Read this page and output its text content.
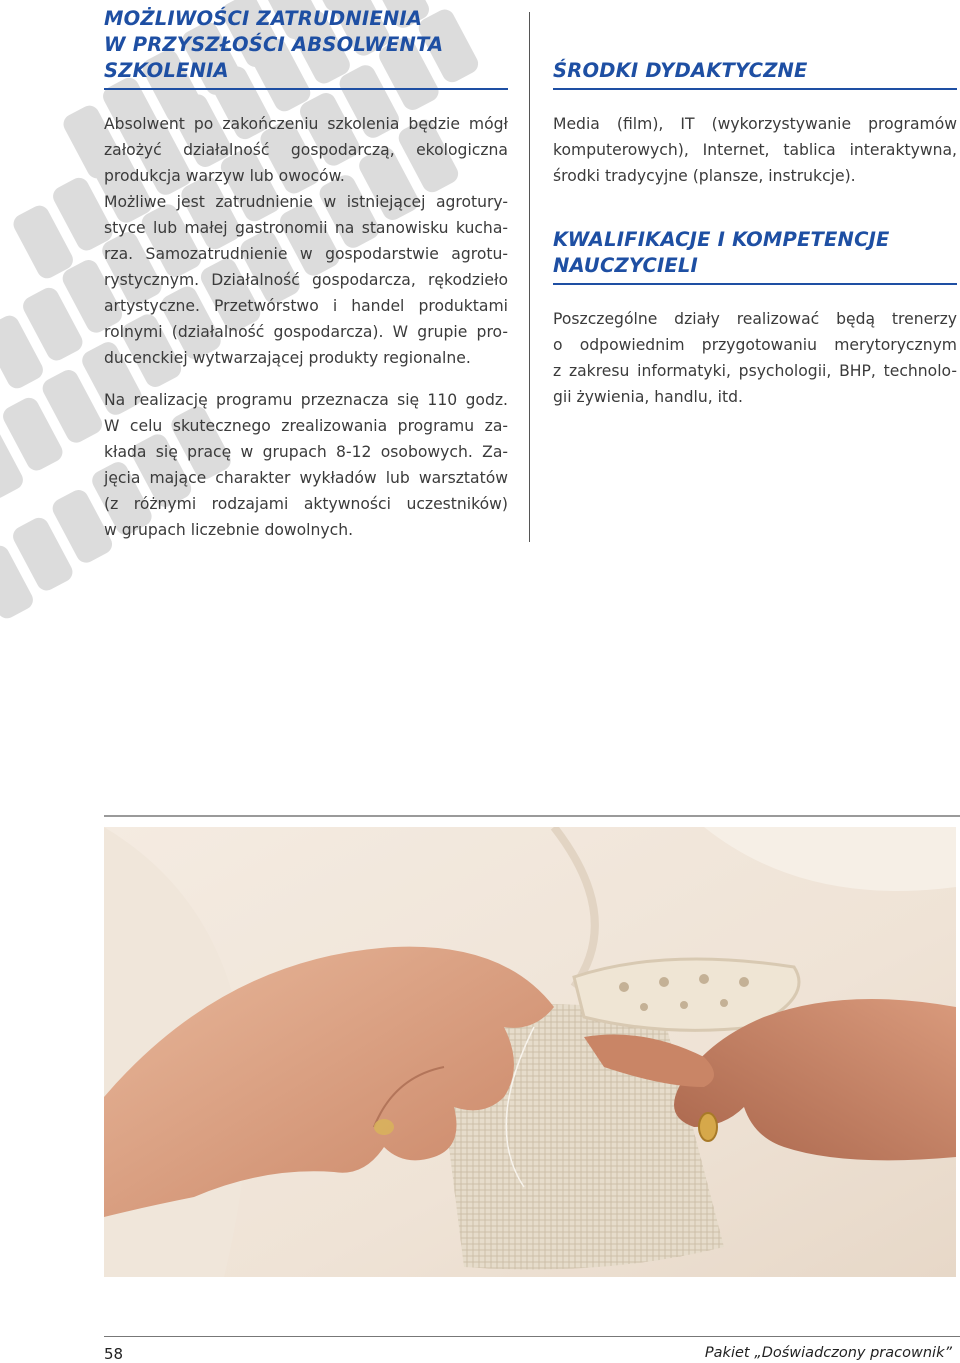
MOŻLIWOŚCI ZATRUDNIENIA
W PRZYSZŁOŚCI ABSOLWENTA
SZKOLENIA

Absolwent po zakończeniu szkolenia będzie mógł
założyć działalność gospodarczą, ekologiczna
produkcja warzyw lub owoców.
Możliwe jest zatrudnienie w istniejącej agrotury-
styce lub małej gastronomii na stanowisku kucha-
rza. Samozatrudnienie w gospodarstwie agrotu-
rystycznym. Działalność gospodarcza, rękodzieło
artystyczne. Przetwórstwo i handel produktami
rolnymi (działalność gospodarcza). W grupie pro-
ducenckiej wytwarzającej produkty regionalne.

Na realizację programu przeznacza się 110 godz.
W celu skutecznego zrealizowania programu za-
kłada się pracę w grupach 8-12 osobowych. Za-
jęcia mające charakter wykładów lub warsztatów
(z różnymi rodzajami aktywności uczestników)
w grupach liczebnie dowolnych.

ŚRODKI DYDAKTYCZNE

Media (film), IT (wykorzystywanie programów
komputerowych), Internet, tablica interaktywna,
środki tradycyjne (plansze, instrukcje).

KWALIFIKACJE I KOMPETENCJE
NAUCZYCIELI

Poszczególne działy realizować będą trenerzy
o odpowiednim przygotowaniu merytorycznym
z zakresu informatyki, psychologii, BHP, technolo-
gii żywienia, handlu, itd.

58	Pakiet „Doświadczony pracownik”
